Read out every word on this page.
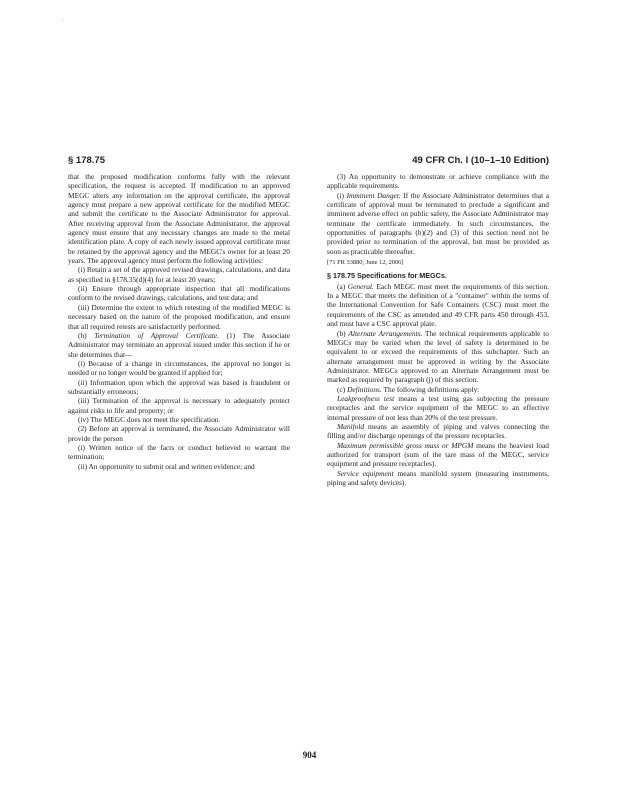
'
§ 178.75	49 CFR Ch. I (10–1–10 Edition)

that the proposed modification conforms fully with the relevant specification, the request is accepted. If modification to an approved MEGC alters any information on the approval certificate, the approval agency must prepare a new approval certificate for the modified MEGC and submit the certificate to the Associate Administrator for approval. After receiving approval from the Associate Administrator, the approval agency must ensure that any necessary changes are made to the metal identification plate. A copy of each newly issued approval certificate must be retained by the approval agency and the MEGC's owner for at least 20 years. The approval agency must perform the following activities:

(i) Retain a set of the approved revised drawings, calculations, and data as specified in §178.35(d)(4) for at least 20 years;

(ii) Ensure through appropriate inspection that all modifications conform to the revised drawings, calculations, and test data; and

(iii) Determine the extent to which retesting of the modified MEGC is necessary based on the nature of the proposed modification, and ensure that all required retests are satisfactorily performed.

(h) Termination of Approval Certificate. (1) The Associate Administrator may terminate an approval issued under this section if he or she determines that—

(i) Because of a change in circumstances, the approval no longer is needed or no longer would be granted if applied for;

(ii) Information upon which the approval was based is fraudulent or substantially erroneous;

(iii) Termination of the approval is necessary to adequately protect against risks to life and property; or

(iv) The MEGC does not meet the specification.

(2) Before an approval is terminated, the Associate Administrator will provide the person

(i) Written notice of the facts or conduct believed to warrant the termination;

(ii) An opportunity to submit oral and written evidence; and

(3) An opportunity to demonstrate or achieve compliance with the applicable requirements.

(i) Imminent Danger. If the Associate Administrator determines that a certificate of approval must be terminated to preclude a significant and imminent adverse effect on public safety, the Associate Administrator may terminate the certificate immediately. In such circumstances, the opportunities of paragraphs (h)(2) and (3) of this section need not be provided prior to termination of the approval, but must be provided as soon as practicable thereafter.

[71 FR 33880, June 12, 2006]

§ 178.75 Specifications for MEGCs.

(a) General. Each MEGC must meet the requirements of this section. In a MEGC that meets the definition of a "container" within the terms of the International Convention for Safe Containers (CSC) must meet the requirements of the CSC as amended and 49 CFR parts 450 through 453, and must have a CSC approval plate.

(b) Alternate Arrangements. The technical requirements applicable to MEGCs may be varied when the level of safety is determined to be equivalent to or exceed the requirements of this subchapter. Such an alternate arrangement must be approved in writing by the Associate Administrator. MEGCs approved to an Alternate Arrangement must be marked as required by paragraph (j) of this section.

(c) Definitions. The following definitions apply:

Leakproofness test means a test using gas subjecting the pressure receptacles and the service equipment of the MEGC to an effective internal pressure of not less than 20% of the test pressure.

Manifold means an assembly of piping and valves connecting the filling and/or discharge openings of the pressure receptacles.

Maximum permissible gross mass or MPGM means the heaviest load authorized for transport (sum of the tare mass of the MEGC, service equipment and pressure receptacles).

Service equipment means manifold system (measuring instruments, piping and safety devices).

904
